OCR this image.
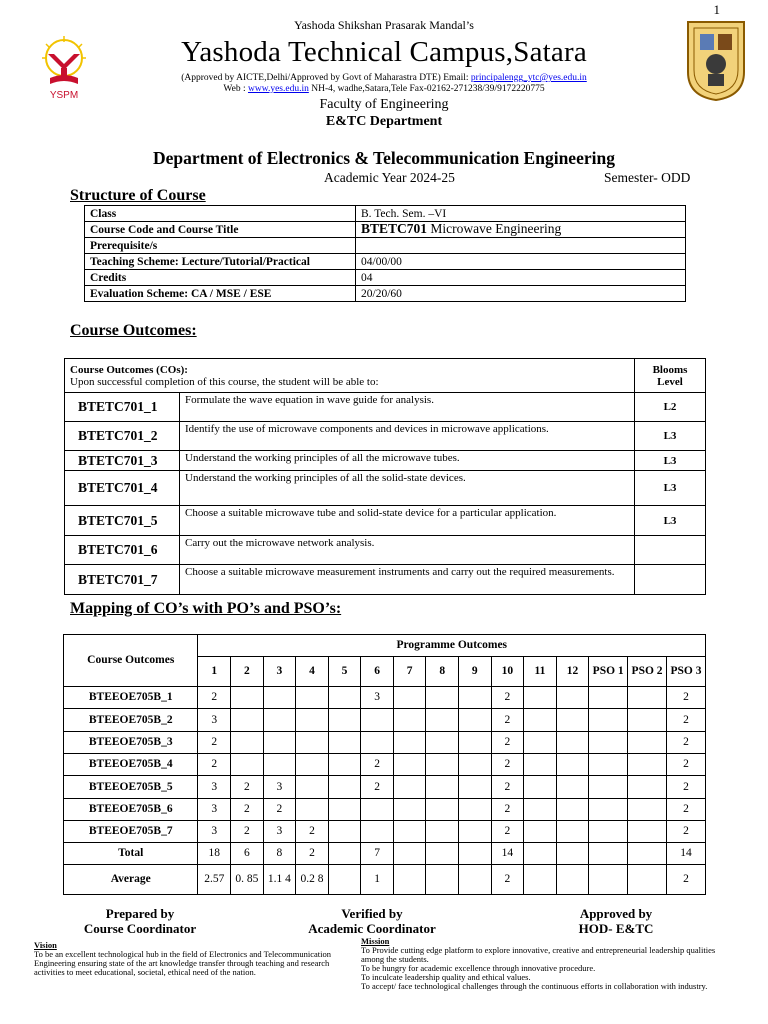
1
YSPM
Yashoda Shikshan Prasarak Mandal’s
Yashoda Technical Campus,Satara
(Approved by AICTE,Delhi/Approved by Govt of Maharastra DTE) Email: principalengg_ytc@yes.edu.in
Web : www.yes.edu.in NH-4, wadhe,Satara,Tele Fax-02162-271238/39/9172220775
Faculty of Engineering
E&TC Department
Department of Electronics & Telecommunication Engineering
Academic Year 2024-25	Semester- ODD
Structure of Course
Class	B. Tech. Sem. –VI
Course Code and Course Title	BTETC701 Microwave Engineering
Prerequisite/s	
Teaching Scheme: Lecture/Tutorial/Practical	04/00/00
Credits	04
Evaluation Scheme: CA / MSE / ESE	20/20/60
Course Outcomes:
Course Outcomes (COs):
Upon successful completion of this course, the student will be able to:		Blooms
Level
BTETC701_1	Formulate the wave equation in wave guide for analysis.	L2
BTETC701_2	Identify the use of microwave components and devices in microwave applications.	L3
BTETC701_3	Understand the working principles of all the microwave tubes.	L3
BTETC701_4	Understand the working principles of all the solid-state devices.	L3
BTETC701_5	Choose a suitable microwave tube and solid-state device for a particular application.	L3
BTETC701_6	Carry out the microwave network analysis.	
BTETC701_7	Choose a suitable microwave measurement instruments and carry out the required measurements.	
Mapping of CO’s with PO’s and PSO’s:
Course Outcomes	Programme Outcomes														
	1	2	3	4	5	6	7	8	9	10	11	12	PSO 1	PSO 2	PSO 3
BTEEOE705B_1	2					3				2					2
BTEEOE705B_2	3									2					2
BTEEOE705B_3	2									2					2
BTEEOE705B_4	2					2				2					2
BTEEOE705B_5	3	2	3			2				2					2
BTEEOE705B_6	3	2	2							2					2
BTEEOE705B_7	3	2	3	2						2					2
Total	18	6	8	2		7				14					14
Average	2.57	0. 85	1.1 4	0.2 8		1				2					2
Prepared by
Course Coordinator
Verified by
Academic Coordinator
Approved by
HOD- E&TC
Vision
To be an excellent technological hub in the field of Electronics and Telecommunication Engineering ensuring state of the art knowledge transfer through teaching and research activities to meet educational, societal, ethical need of the nation.
Mission
To Provide cutting edge platform to explore innovative, creative and entrepreneurial leadership qualities among the students.
To be hungry for academic excellence through innovative procedure.
To inculcate leadership quality and ethical values.
To accept/ face technological challenges through the continuous efforts in collaboration with industry.
